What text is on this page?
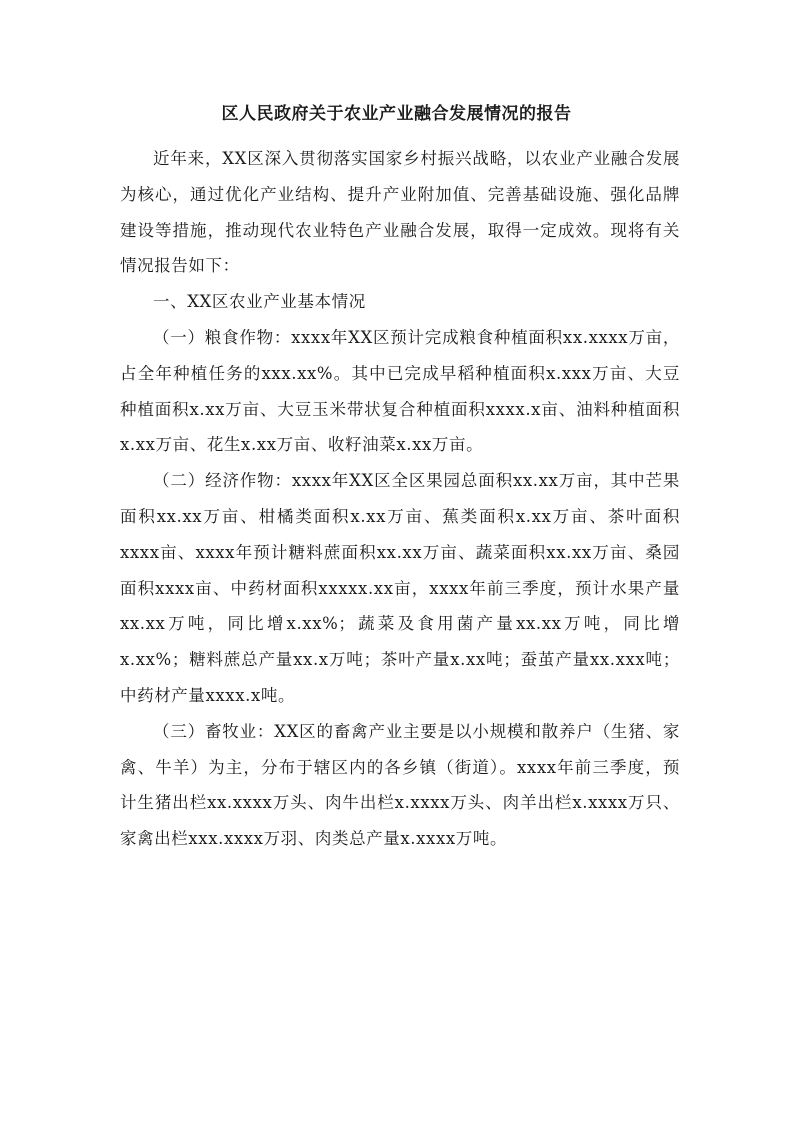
区人民政府关于农业产业融合发展情况的报告

近年来，XX区深入贯彻落实国家乡村振兴战略，以农业产业融合发展为核心，通过优化产业结构、提升产业附加值、完善基础设施、强化品牌建设等措施，推动现代农业特色产业融合发展，取得一定成效。现将有关情况报告如下：

一、XX区农业产业基本情况

（一）粮食作物：xxxx年XX区预计完成粮食种植面积xx.xxxx万亩，占全年种植任务的xxx.xx%。其中已完成早稻种植面积x.xxx万亩、大豆种植面积x.xx万亩、大豆玉米带状复合种植面积xxxx.x亩、油料种植面积x.xx万亩、花生x.xx万亩、收籽油菜x.xx万亩。

（二）经济作物：xxxx年XX区全区果园总面积xx.xx万亩，其中芒果面积xx.xx万亩、柑橘类面积x.xx万亩、蕉类面积x.xx万亩、茶叶面积xxxx亩、xxxx年预计糖料蔗面积xx.xx万亩、蔬菜面积xx.xx万亩、桑园面积xxxx亩、中药材面积xxxxx.xx亩，xxxx年前三季度，预计水果产量xx.xx万吨，同比增x.xx%；蔬菜及食用菌产量xx.xx万吨，同比增x.xx%；糖料蔗总产量xx.x万吨；茶叶产量x.xx吨；蚕茧产量xx.xxx吨；中药材产量xxxx.x吨。

（三）畜牧业：XX区的畜禽产业主要是以小规模和散养户（生猪、家禽、牛羊）为主，分布于辖区内的各乡镇（街道）。xxxx年前三季度，预计生猪出栏xx.xxxx万头、肉牛出栏x.xxxx万头、肉羊出栏x.xxxx万只、家禽出栏xxx.xxxx万羽、肉类总产量x.xxxx万吨。
